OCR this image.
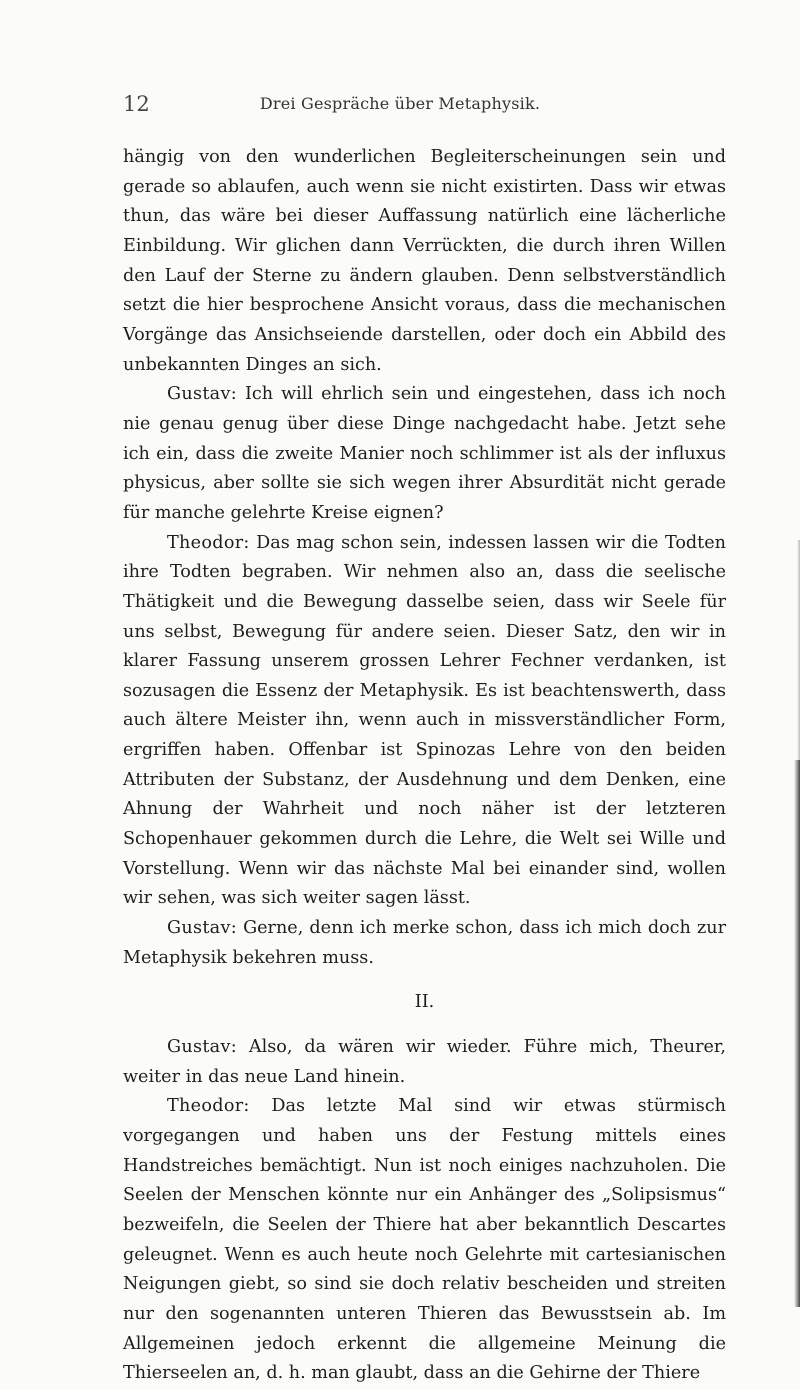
12	Drei Gespräche über Metaphysik.

hängig von den wunderlichen Begleiterscheinungen sein und gerade so ablaufen, auch wenn sie nicht existirten. Dass wir etwas thun, das wäre bei dieser Auffassung natürlich eine lächerliche Einbildung. Wir glichen dann Verrückten, die durch ihren Willen den Lauf der Sterne zu ändern glauben. Denn selbstverständlich setzt die hier besprochene Ansicht voraus, dass die mechanischen Vorgänge das Ansichseiende darstellen, oder doch ein Abbild des unbekannten Dinges an sich.

Gustav: Ich will ehrlich sein und eingestehen, dass ich noch nie genau genug über diese Dinge nachgedacht habe. Jetzt sehe ich ein, dass die zweite Manier noch schlimmer ist als der influxus physicus, aber sollte sie sich wegen ihrer Absurdität nicht gerade für manche gelehrte Kreise eignen?

Theodor: Das mag schon sein, indessen lassen wir die Todten ihre Todten begraben. Wir nehmen also an, dass die seelische Thätigkeit und die Bewegung dasselbe seien, dass wir Seele für uns selbst, Bewegung für andere seien. Dieser Satz, den wir in klarer Fassung unserem grossen Lehrer Fechner verdanken, ist sozusagen die Essenz der Metaphysik. Es ist beachtenswerth, dass auch ältere Meister ihn, wenn auch in missverständlicher Form, ergriffen haben. Offenbar ist Spinozas Lehre von den beiden Attributen der Substanz, der Ausdehnung und dem Denken, eine Ahnung der Wahrheit und noch näher ist der letzteren Schopenhauer gekommen durch die Lehre, die Welt sei Wille und Vorstellung. Wenn wir das nächste Mal bei einander sind, wollen wir sehen, was sich weiter sagen lässt.

Gustav: Gerne, denn ich merke schon, dass ich mich doch zur Metaphysik bekehren muss.

II.

Gustav: Also, da wären wir wieder. Führe mich, Theurer, weiter in das neue Land hinein.

Theodor: Das letzte Mal sind wir etwas stürmisch vorgegangen und haben uns der Festung mittels eines Handstreiches bemächtigt. Nun ist noch einiges nachzuholen. Die Seelen der Menschen könnte nur ein Anhänger des „Solipsismus“ bezweifeln, die Seelen der Thiere hat aber bekanntlich Descartes geleugnet. Wenn es auch heute noch Gelehrte mit cartesianischen Neigungen giebt, so sind sie doch relativ bescheiden und streiten nur den sogenannten unteren Thieren das Bewusstsein ab. Im Allgemeinen jedoch erkennt die allgemeine Meinung die Thierseelen an, d. h. man glaubt, dass an die Gehirne der Thiere
